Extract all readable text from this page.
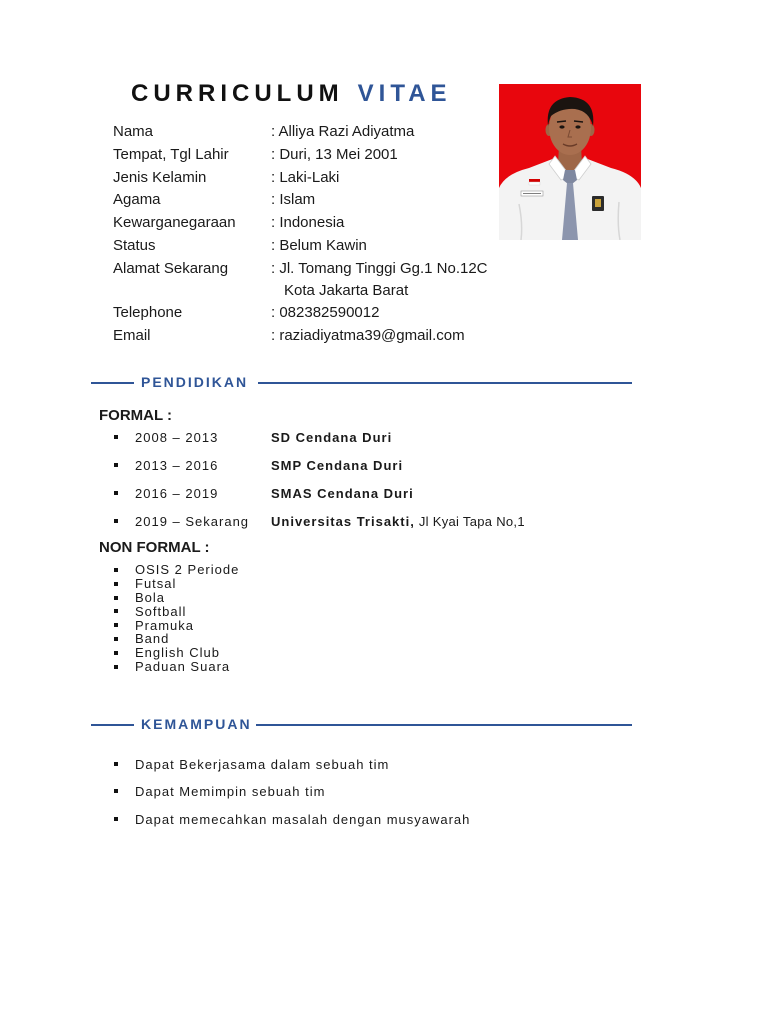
CURRICULUM VITAE
Nama	: Alliya Razi Adiyatma
Tempat, Tgl Lahir	: Duri, 13 Mei 2001
Jenis Kelamin	: Laki-Laki
Agama	: Islam
Kewarganegaraan : Indonesia
Status	: Belum Kawin
Alamat Sekarang	: Jl. Tomang Tinggi Gg.1 No.12C
Kota Jakarta Barat
Telephone	: 082382590012
Email	: raziadiyatma39@gmail.com
PENDIDIKAN
FORMAL :
2008 – 2013	SD Cendana Duri
2013 – 2016	SMP Cendana Duri
2016 – 2019	SMAS Cendana Duri
2019 – Sekarang Universitas Trisakti, Jl Kyai Tapa No,1
NON FORMAL :
OSIS 2 Periode
Futsal
Bola
Softball
Pramuka
Band
English Club
Paduan Suara
KEMAMPUAN
Dapat Bekerjasama dalam sebuah tim
Dapat Memimpin sebuah tim
Dapat memecahkan masalah dengan musyawarah
